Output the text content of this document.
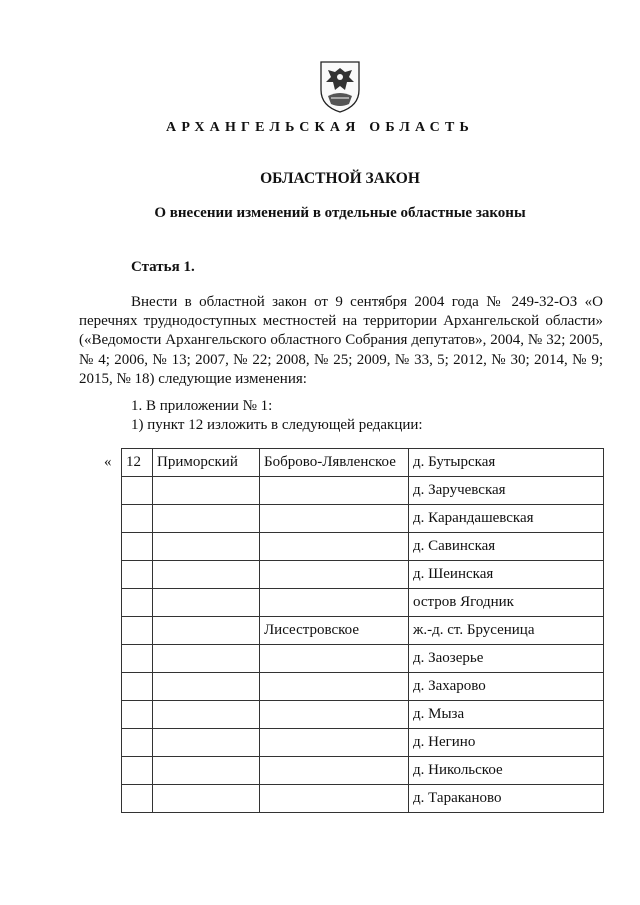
АРХАНГЕЛЬСКАЯ ОБЛАСТЬ
ОБЛАСТНОЙ ЗАКОН
О внесении изменений в отдельные областные законы
Статья 1.
Внести в областной закон от 9 сентября 2004 года № 249-32-ОЗ «О перечнях труднодоступных местностей на территории Архангельской области» («Ведомости Архангельского областного Собрания депутатов», 2004, № 32; 2005, № 4; 2006, № 13; 2007, № 22; 2008, № 25; 2009, № 33, 5; 2012, № 30; 2014, № 9; 2015, № 18) следующие изменения:
1. В приложении № 1:
1) пункт 12 изложить в следующей редакции:
« 12	Приморский	Боброво-Лявленское	д. Бутырская
			д. Заручевская
			д. Карандашевская
			д. Савинская
			д. Шеинская
			остров Ягодник
		Лисестровское	ж.-д. ст. Брусеница
			д. Заозерье
			д. Захарово
			д. Мыза
			д. Негино
			д. Никольское
			д. Тараканово
